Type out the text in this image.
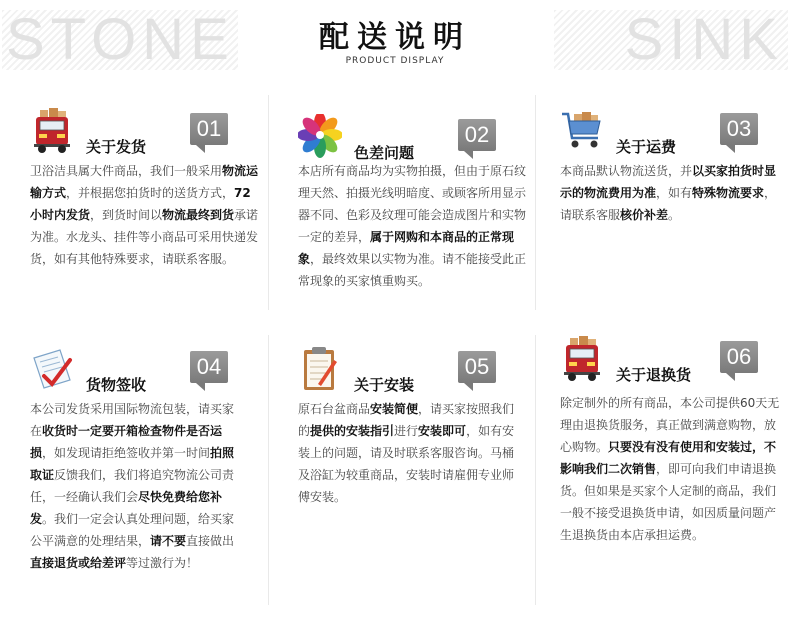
STONE	SINK
配送说明
PRODUCT DISPLAY
关于发货
01
卫浴洁具属大件商品，我们一般采用物流运输方式，并根据您拍货时的送货方式，72小时内发货，到货时间以物流最终到货承诺为准。水龙头、挂件等小商品可采用快递发货，如有其他特殊要求，请联系客服。
色差问题
02
本店所有商品均为实物拍摄，但由于原石纹理天然、拍摄光线明暗度、或顾客所用显示器不同、色彩及纹理可能会造成图片和实物一定的差异，属于网购和本商品的正常现象，最终效果以实物为准。请不能接受此正常现象的买家慎重购买。
关于运费
03
本商品默认物流送货，并以买家拍货时显示的物流费用为准，如有特殊物流要求，请联系客服核价补差。
货物签收
04
本公司发货采用国际物流包装，请买家在收货时一定要开箱检查物件是否运损，如发现请拒绝签收并第一时间拍照取证反馈我们，我们将追究物流公司责任，一经确认我们会尽快免费给您补发。我们一定会认真处理问题，给买家公平满意的处理结果，请不要直接做出直接退货或给差评等过激行为！
关于安装
05
原石台盆商品安装简便，请买家按照我们的提供的安装指引进行安装即可，如有安装上的问题，请及时联系客服咨询。马桶及浴缸为较重商品，安装时请雇佣专业师傅安装。
关于退换货
06
除定制外的所有商品，本公司提供60天无理由退换货服务，真正做到满意购物，放心购物。只要没有没有使用和安装过，不影响我们二次销售，即可向我们申请退换货。但如果是买家个人定制的商品，我们一般不接受退换货申请，如因质量问题产生退换货由本店承担运费。
